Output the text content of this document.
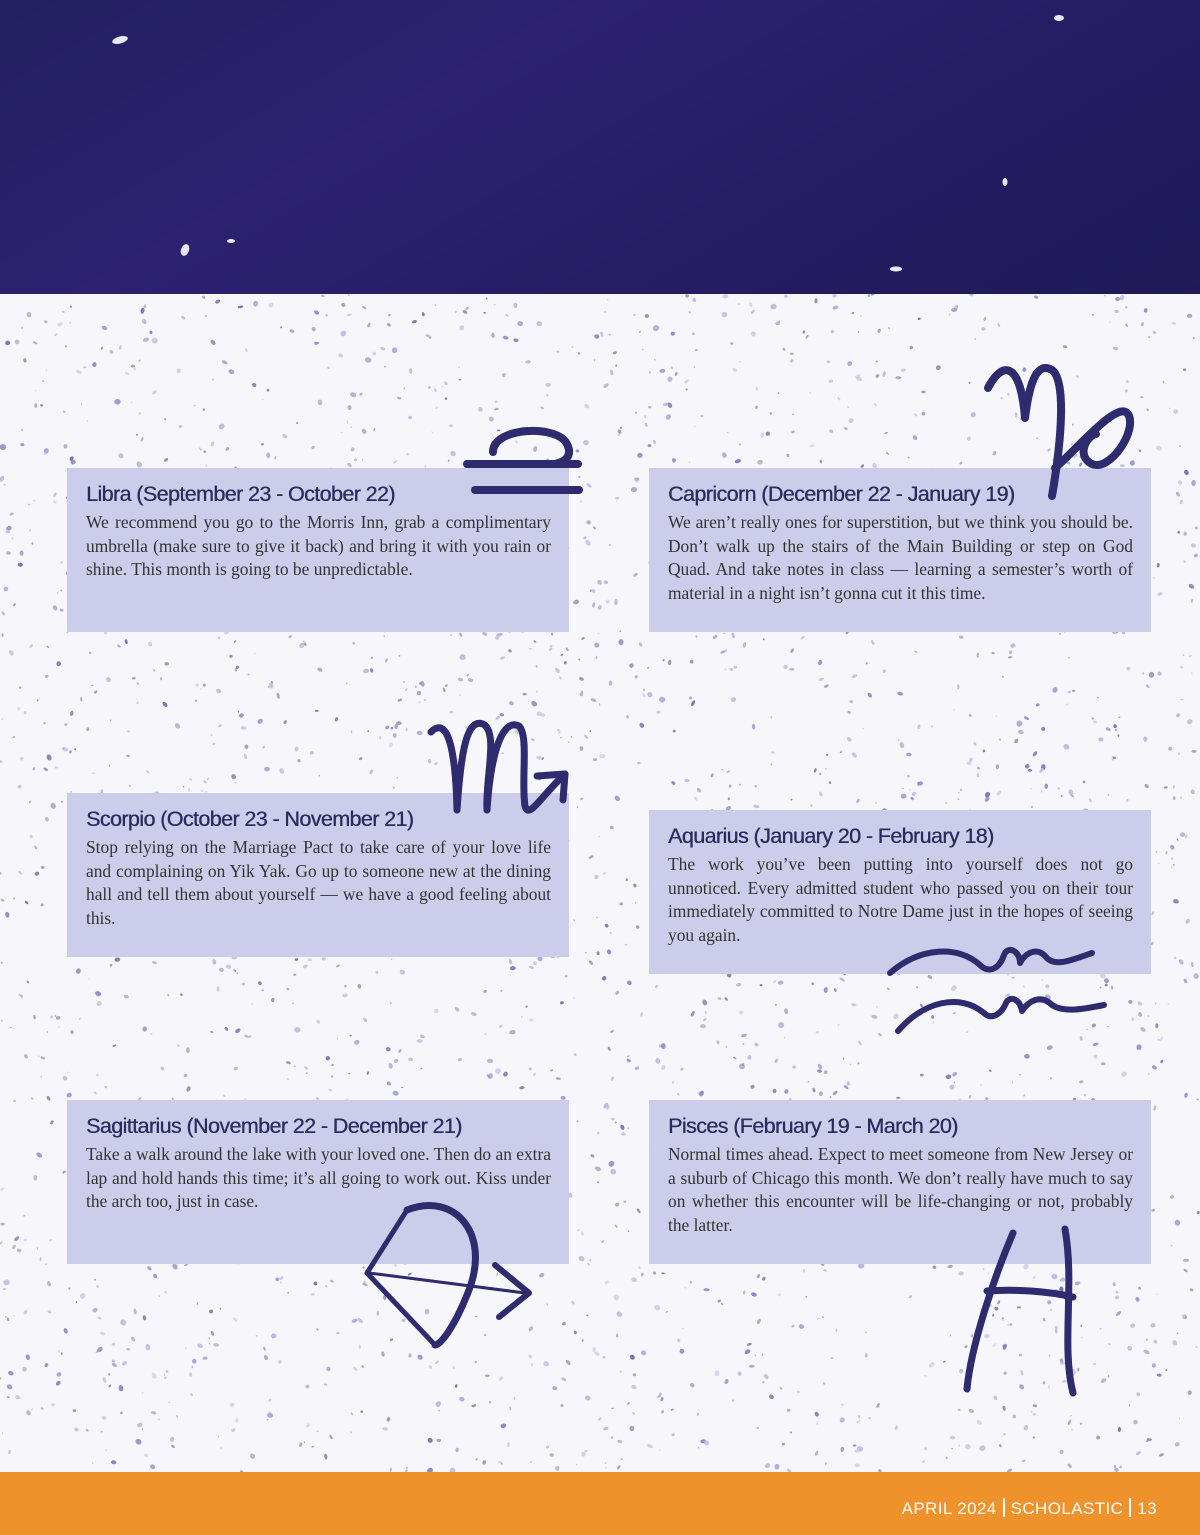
Libra (September 23 - October 22)

We recommend you go to the Morris Inn, grab a complimentary umbrella (make sure to give it back) and bring it with you rain or shine. This month is going to be unpredictable.

Capricorn (December 22 - January 19)

We aren’t really ones for superstition, but we think you should be. Don’t walk up the stairs of the Main Building or step on God Quad. And take notes in class — learning a semester’s worth of material in a night isn’t gonna cut it this time.

Scorpio (October 23 - November 21)

Stop relying on the Marriage Pact to take care of your love life and complaining on Yik Yak. Go up to someone new at the dining hall and tell them about yourself — we have a good feeling about this.

Aquarius (January 20 - February 18)

The work you’ve been putting into yourself does not go unnoticed. Every admitted student who passed you on their tour immediately committed to Notre Dame just in the hopes of seeing you again.

Sagittarius (November 22 - December 21)

Take a walk around the lake with your loved one. Then do an extra lap and hold hands this time; it’s all going to work out. Kiss under the arch too, just in case.

Pisces (February 19 - March 20)

Normal times ahead. Expect to meet someone from New Jersey or a suburb of Chicago this month. We don’t really have much to say on whether this encounter will be life-changing or not, probably the latter.

APRIL 2024 SCHOLASTIC 13
